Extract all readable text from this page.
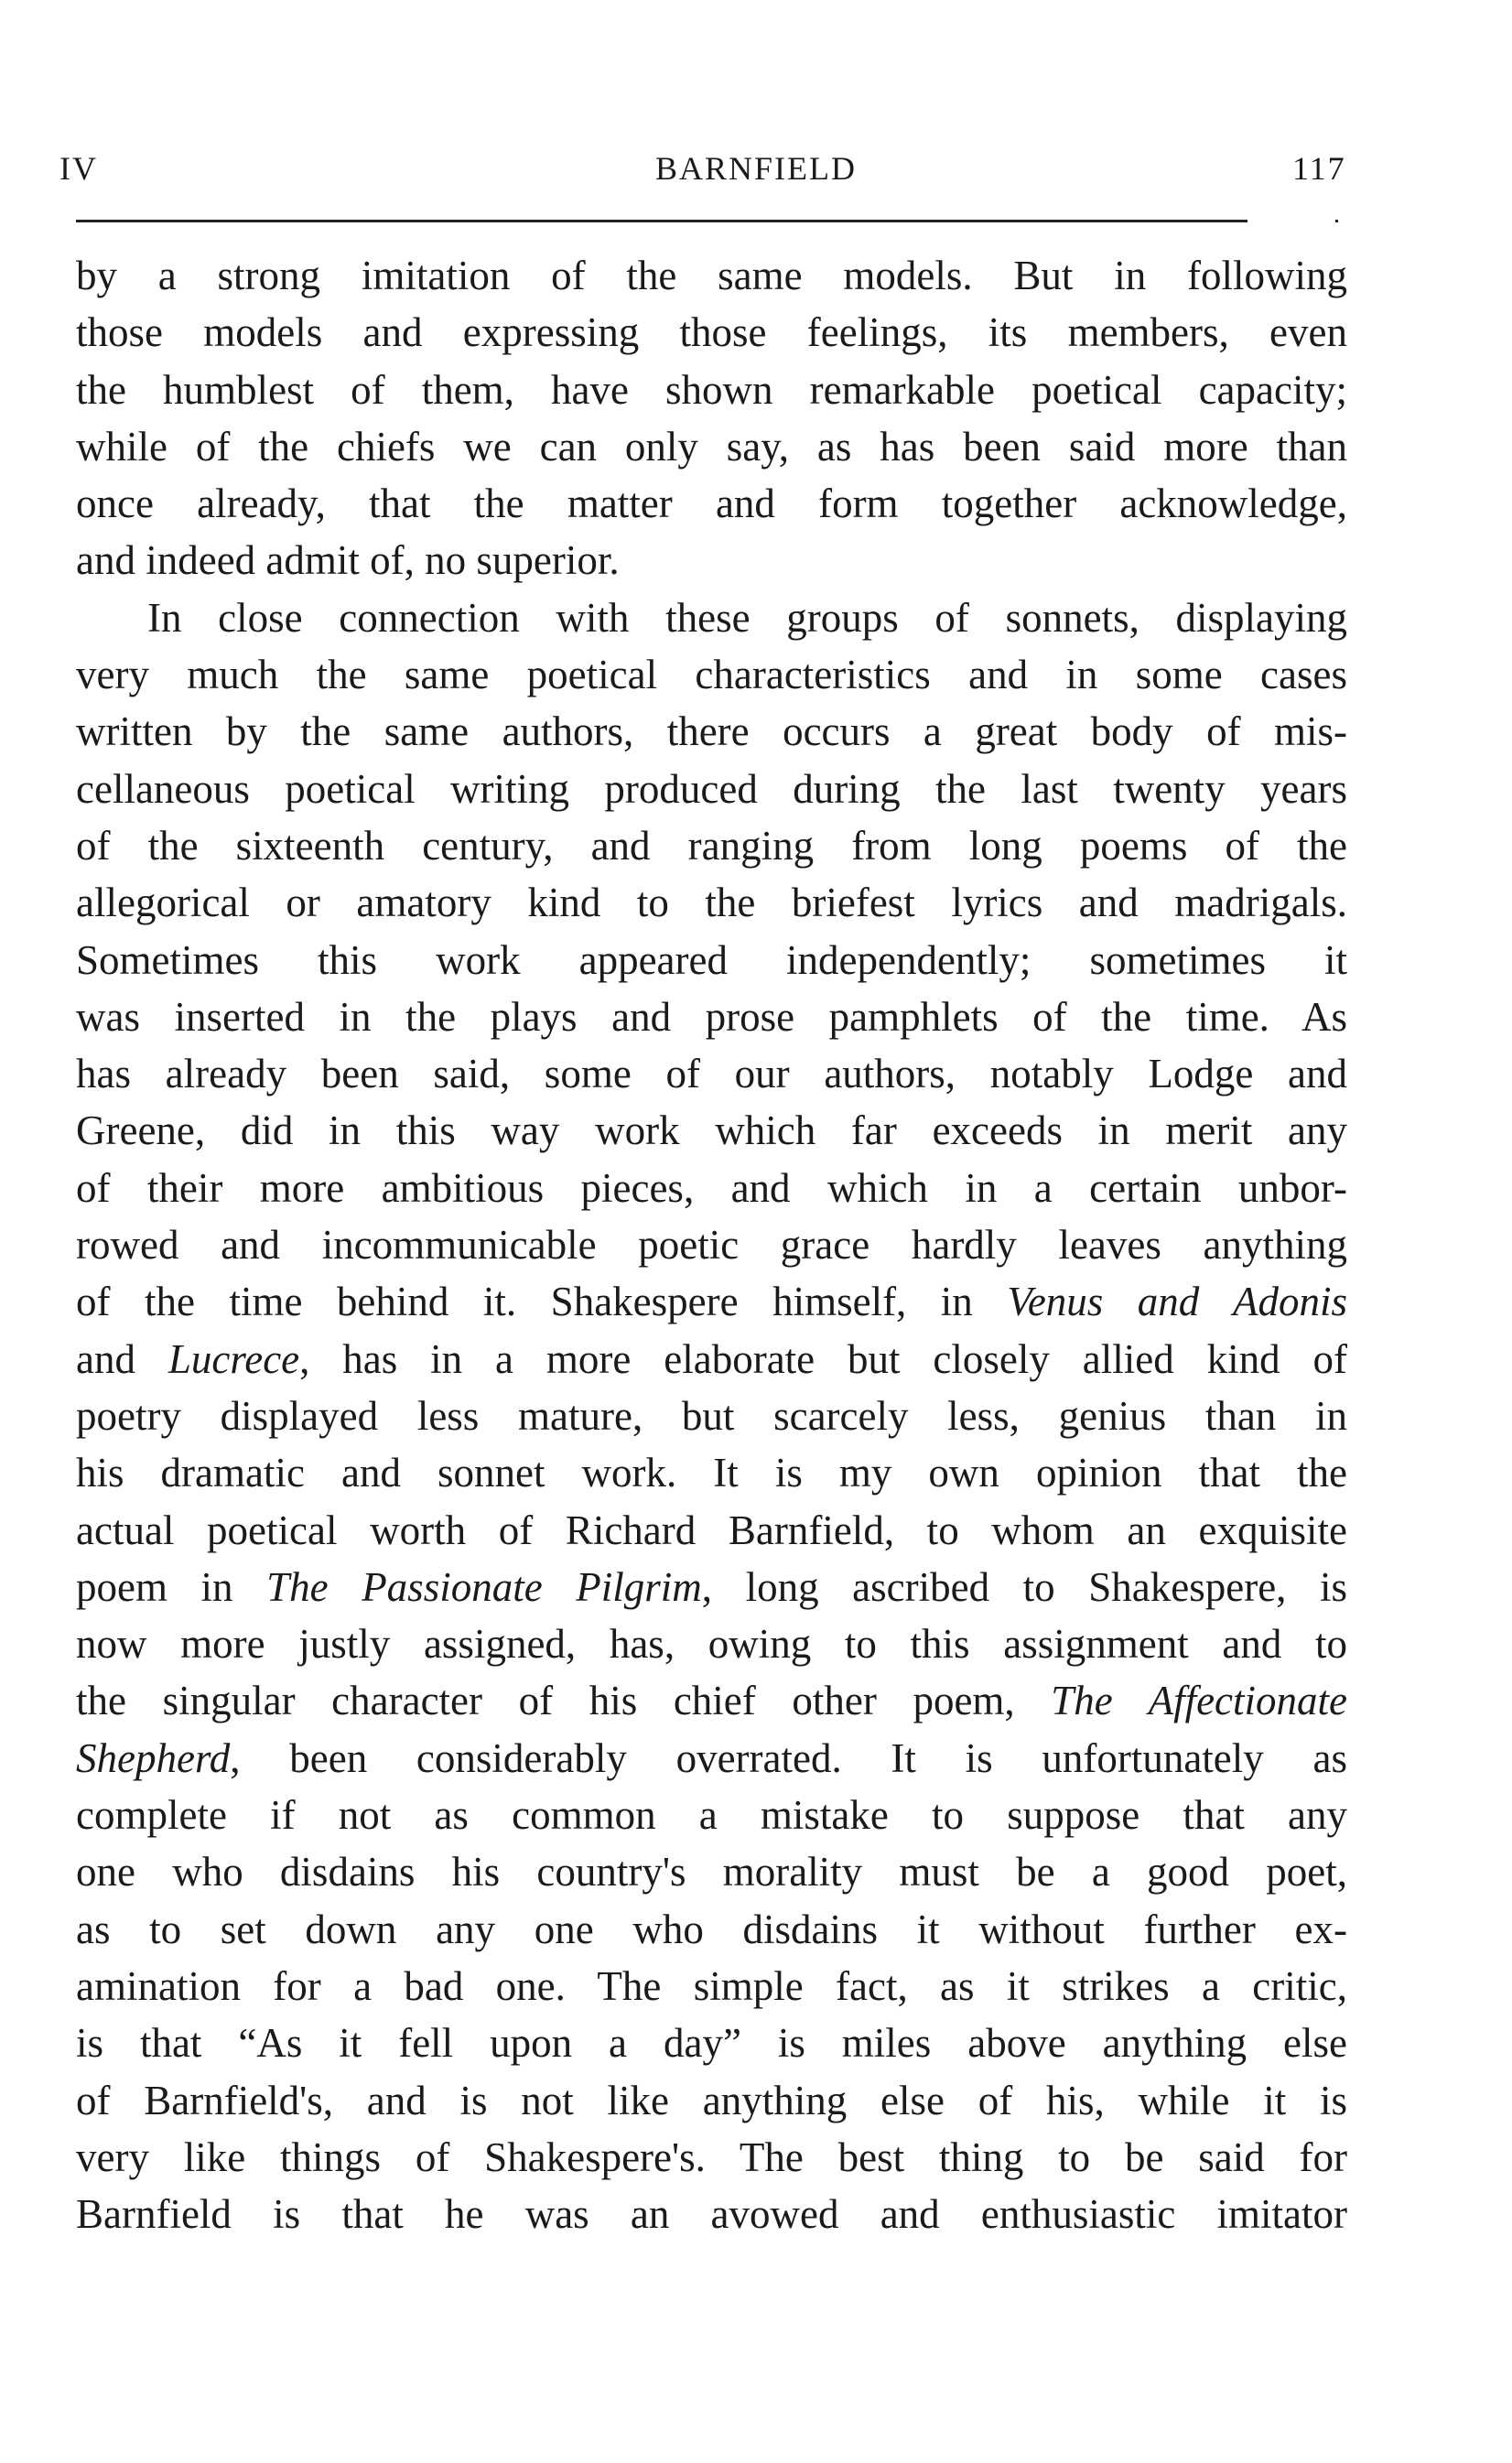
IV	BARNFIELD	117
by a strong imitation of the same models. But in following
those models and expressing those feelings, its members, even
the humblest of them, have shown remarkable poetical capacity;
while of the chiefs we can only say, as has been said more than
once already, that the matter and form together acknowledge,
and indeed admit of, no superior.
In close connection with these groups of sonnets, displaying
very much the same poetical characteristics and in some cases
written by the same authors, there occurs a great body of mis-
cellaneous poetical writing produced during the last twenty years
of the sixteenth century, and ranging from long poems of the
allegorical or amatory kind to the briefest lyrics and madrigals.
Sometimes this work appeared independently; sometimes it
was inserted in the plays and prose pamphlets of the time. As
has already been said, some of our authors, notably Lodge and
Greene, did in this way work which far exceeds in merit any
of their more ambitious pieces, and which in a certain unbor-
rowed and incommunicable poetic grace hardly leaves anything
of the time behind it. Shakespere himself, in Venus and Adonis
and Lucrece, has in a more elaborate but closely allied kind of
poetry displayed less mature, but scarcely less, genius than in
his dramatic and sonnet work. It is my own opinion that the
actual poetical worth of Richard Barnfield, to whom an exquisite
poem in The Passionate Pilgrim, long ascribed to Shakespere, is
now more justly assigned, has, owing to this assignment and to
the singular character of his chief other poem, The Affectionate
Shepherd, been considerably overrated. It is unfortunately as
complete if not as common a mistake to suppose that any
one who disdains his country's morality must be a good poet,
as to set down any one who disdains it without further ex-
amination for a bad one. The simple fact, as it strikes a critic,
is that “As it fell upon a day” is miles above anything else
of Barnfield's, and is not like anything else of his, while it is
very like things of Shakespere's. The best thing to be said for
Barnfield is that he was an avowed and enthusiastic imitator
